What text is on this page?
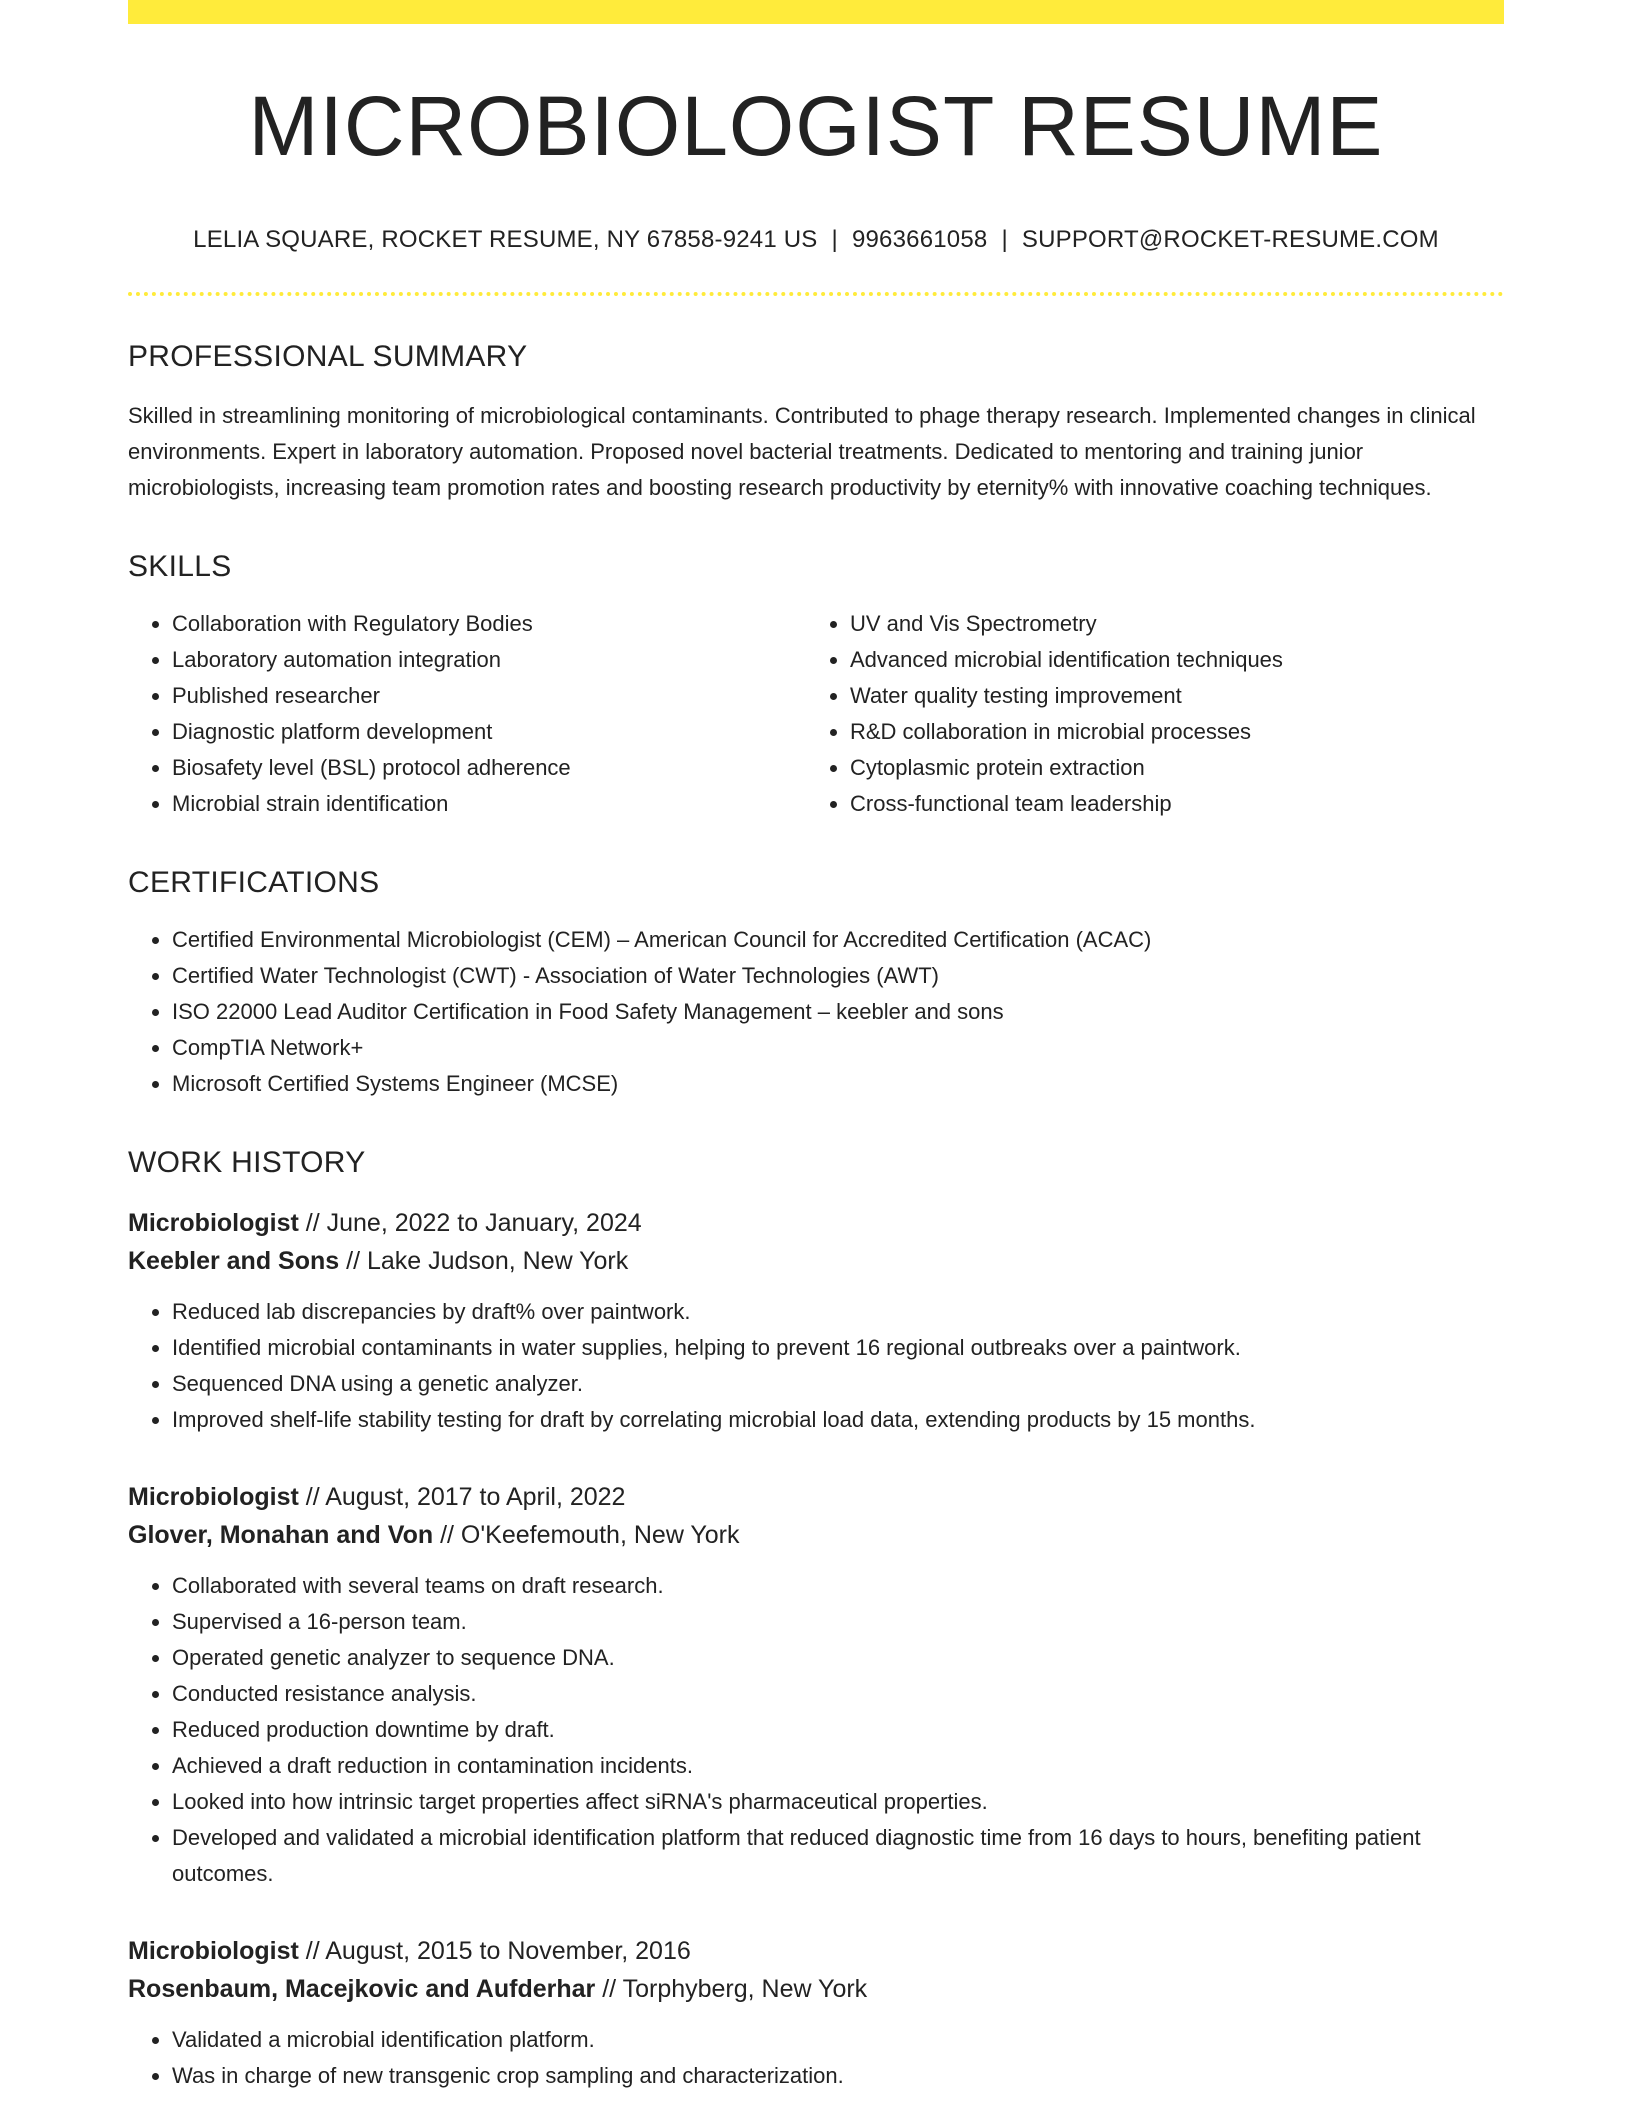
MICROBIOLOGIST RESUME
LELIA SQUARE, ROCKET RESUME, NY 67858-9241 US | 9963661058 | SUPPORT@ROCKET-RESUME.COM
PROFESSIONAL SUMMARY

Skilled in streamlining monitoring of microbiological contaminants. Contributed to phage therapy research. Implemented changes in clinical environments. Expert in laboratory automation. Proposed novel bacterial treatments. Dedicated to mentoring and training junior microbiologists, increasing team promotion rates and boosting research productivity by eternity% with innovative coaching techniques.

SKILLS
• Collaboration with Regulatory Bodies
• Laboratory automation integration
• Published researcher
• Diagnostic platform development
• Biosafety level (BSL) protocol adherence
• Microbial strain identification
• UV and Vis Spectrometry
• Advanced microbial identification techniques
• Water quality testing improvement
• R&D collaboration in microbial processes
• Cytoplasmic protein extraction
• Cross-functional team leadership
CERTIFICATIONS
• Certified Environmental Microbiologist (CEM) – American Council for Accredited Certification (ACAC)
• Certified Water Technologist (CWT) - Association of Water Technologies (AWT)
• ISO 22000 Lead Auditor Certification in Food Safety Management – keebler and sons
• CompTIA Network+
• Microsoft Certified Systems Engineer (MCSE)
WORK HISTORY
Microbiologist // June, 2022 to January, 2024
Keebler and Sons // Lake Judson, New York
• Reduced lab discrepancies by draft% over paintwork.
• Identified microbial contaminants in water supplies, helping to prevent 16 regional outbreaks over a paintwork.
• Sequenced DNA using a genetic analyzer.
• Improved shelf-life stability testing for draft by correlating microbial load data, extending products by 15 months.
Microbiologist // August, 2017 to April, 2022
Glover, Monahan and Von // O'Keefemouth, New York
• Collaborated with several teams on draft research.
• Supervised a 16-person team.
• Operated genetic analyzer to sequence DNA.
• Conducted resistance analysis.
• Reduced production downtime by draft.
• Achieved a draft reduction in contamination incidents.
• Looked into how intrinsic target properties affect siRNA's pharmaceutical properties.
• Developed and validated a microbial identification platform that reduced diagnostic time from 16 days to hours, benefiting patient outcomes.
Microbiologist // August, 2015 to November, 2016
Rosenbaum, Macejkovic and Aufderhar // Torphyberg, New York
• Validated a microbial identification platform.
• Was in charge of new transgenic crop sampling and characterization.
